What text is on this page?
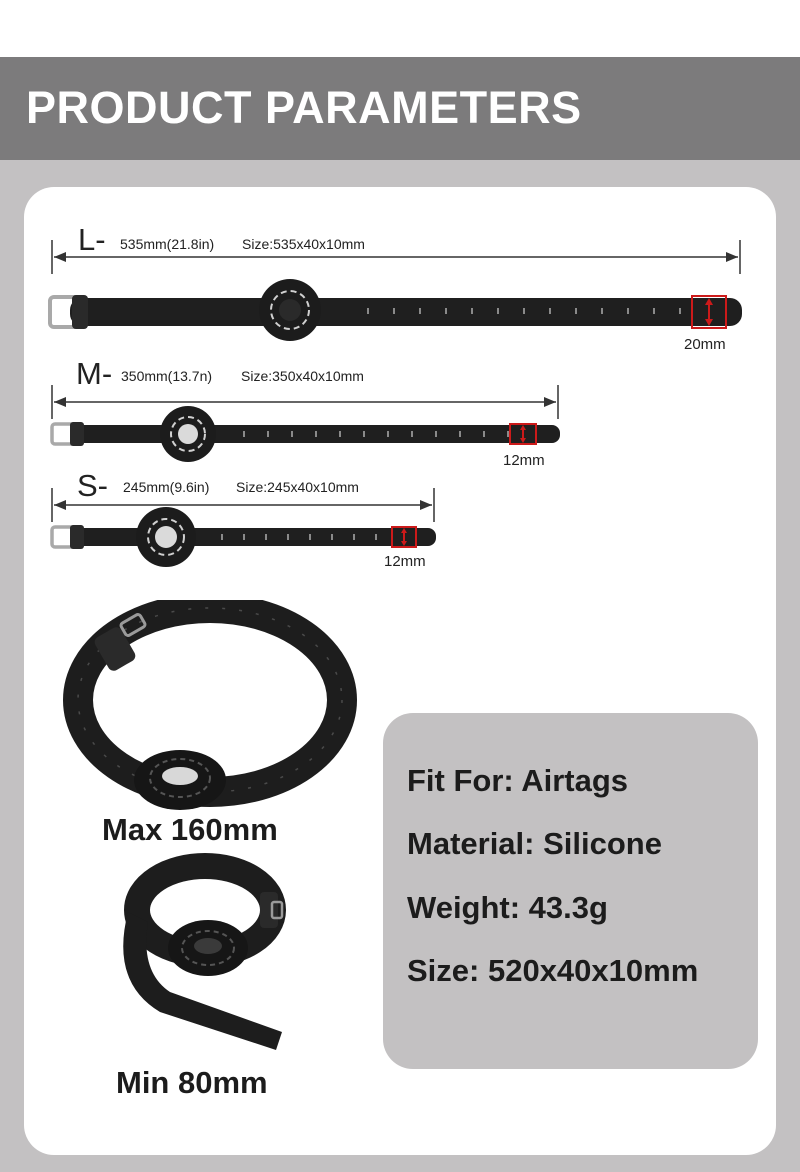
PRODUCT PARAMETERS
L- 535mm(21.8in) Size:535x40x10mm
20mm
M- 350mm(13.7n) Size:350x40x10mm
12mm
S- 245mm(9.6in) Size:245x40x10mm
12mm
Max 160mm
Min 80mm
Fit For: Airtags
Material: Silicone
Weight: 43.3g
Size: 520x40x10mm
